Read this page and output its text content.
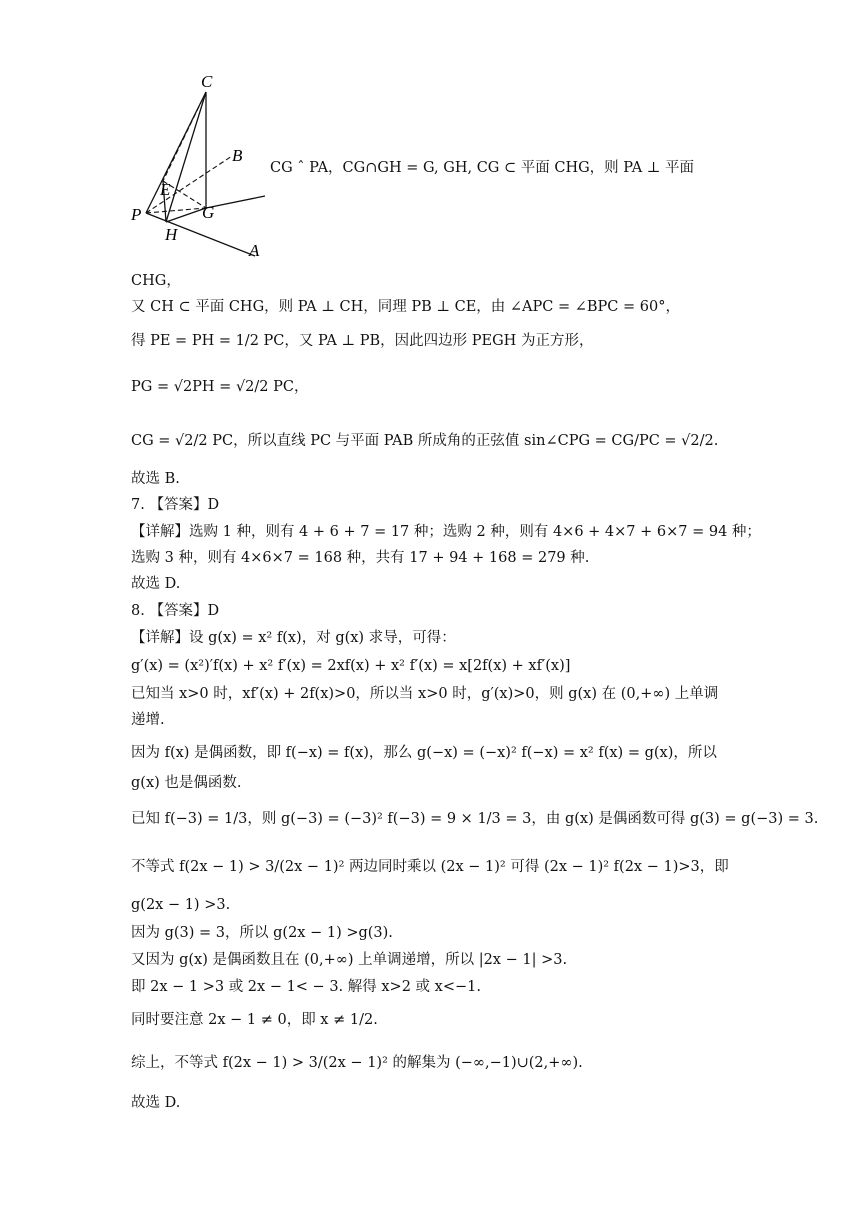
C
B
E
P	G
H
A
CG ˆ PA，CG∩GH = G, GH, CG ⊂ 平面 CHG，则 PA ⊥ 平面
CHG，
又 CH ⊂ 平面 CHG，则 PA ⊥ CH，同理 PB ⊥ CE，由 ∠APC = ∠BPC = 60°，
得 PE = PH = 1/2 PC，又 PA ⊥ PB，因此四边形 PEGH 为正方形，
PG = √2PH = √2/2 PC，
CG = √2/2 PC，所以直线 PC 与平面 PAB 所成角的正弦值 sin∠CPG = CG/PC = √2/2.
故选 B.
7. 【答案】D
【详解】选购 1 种，则有 4 + 6 + 7 = 17 种；选购 2 种，则有 4×6 + 4×7 + 6×7 = 94 种；
选购 3 种，则有 4×6×7 = 168 种，共有 17 + 94 + 168 = 279 种.
故选 D.
8. 【答案】D
【详解】设 g(x) = x² f(x)，对 g(x) 求导，可得：
g′(x) = (x²)′f(x) + x² f′(x) = 2xf(x) + x² f′(x) = x[2f(x) + xf′(x)]
已知当 x>0 时，xf′(x) + 2f(x)>0，所以当 x>0 时，g′(x)>0，则 g(x) 在 (0,+∞) 上单调
递增.
因为 f(x) 是偶函数，即 f(−x) = f(x)，那么 g(−x) = (−x)² f(−x) = x² f(x) = g(x)，所以
g(x) 也是偶函数.
已知 f(−3) = 1/3，则 g(−3) = (−3)² f(−3) = 9 × 1/3 = 3，由 g(x) 是偶函数可得 g(3) = g(−3) = 3.
不等式 f(2x − 1) > 3/(2x − 1)² 两边同时乘以 (2x − 1)² 可得 (2x − 1)² f(2x − 1)>3，即
g(2x − 1) >3.
因为 g(3) = 3，所以 g(2x − 1) >g(3).
又因为 g(x) 是偶函数且在 (0,+∞) 上单调递增，所以 |2x − 1| >3.
即 2x − 1 >3 或 2x − 1< − 3. 解得 x>2 或 x<−1.
同时要注意 2x − 1 ≠ 0，即 x ≠ 1/2.
综上，不等式 f(2x − 1) > 3/(2x − 1)² 的解集为 (−∞,−1)∪(2,+∞).
故选 D.
